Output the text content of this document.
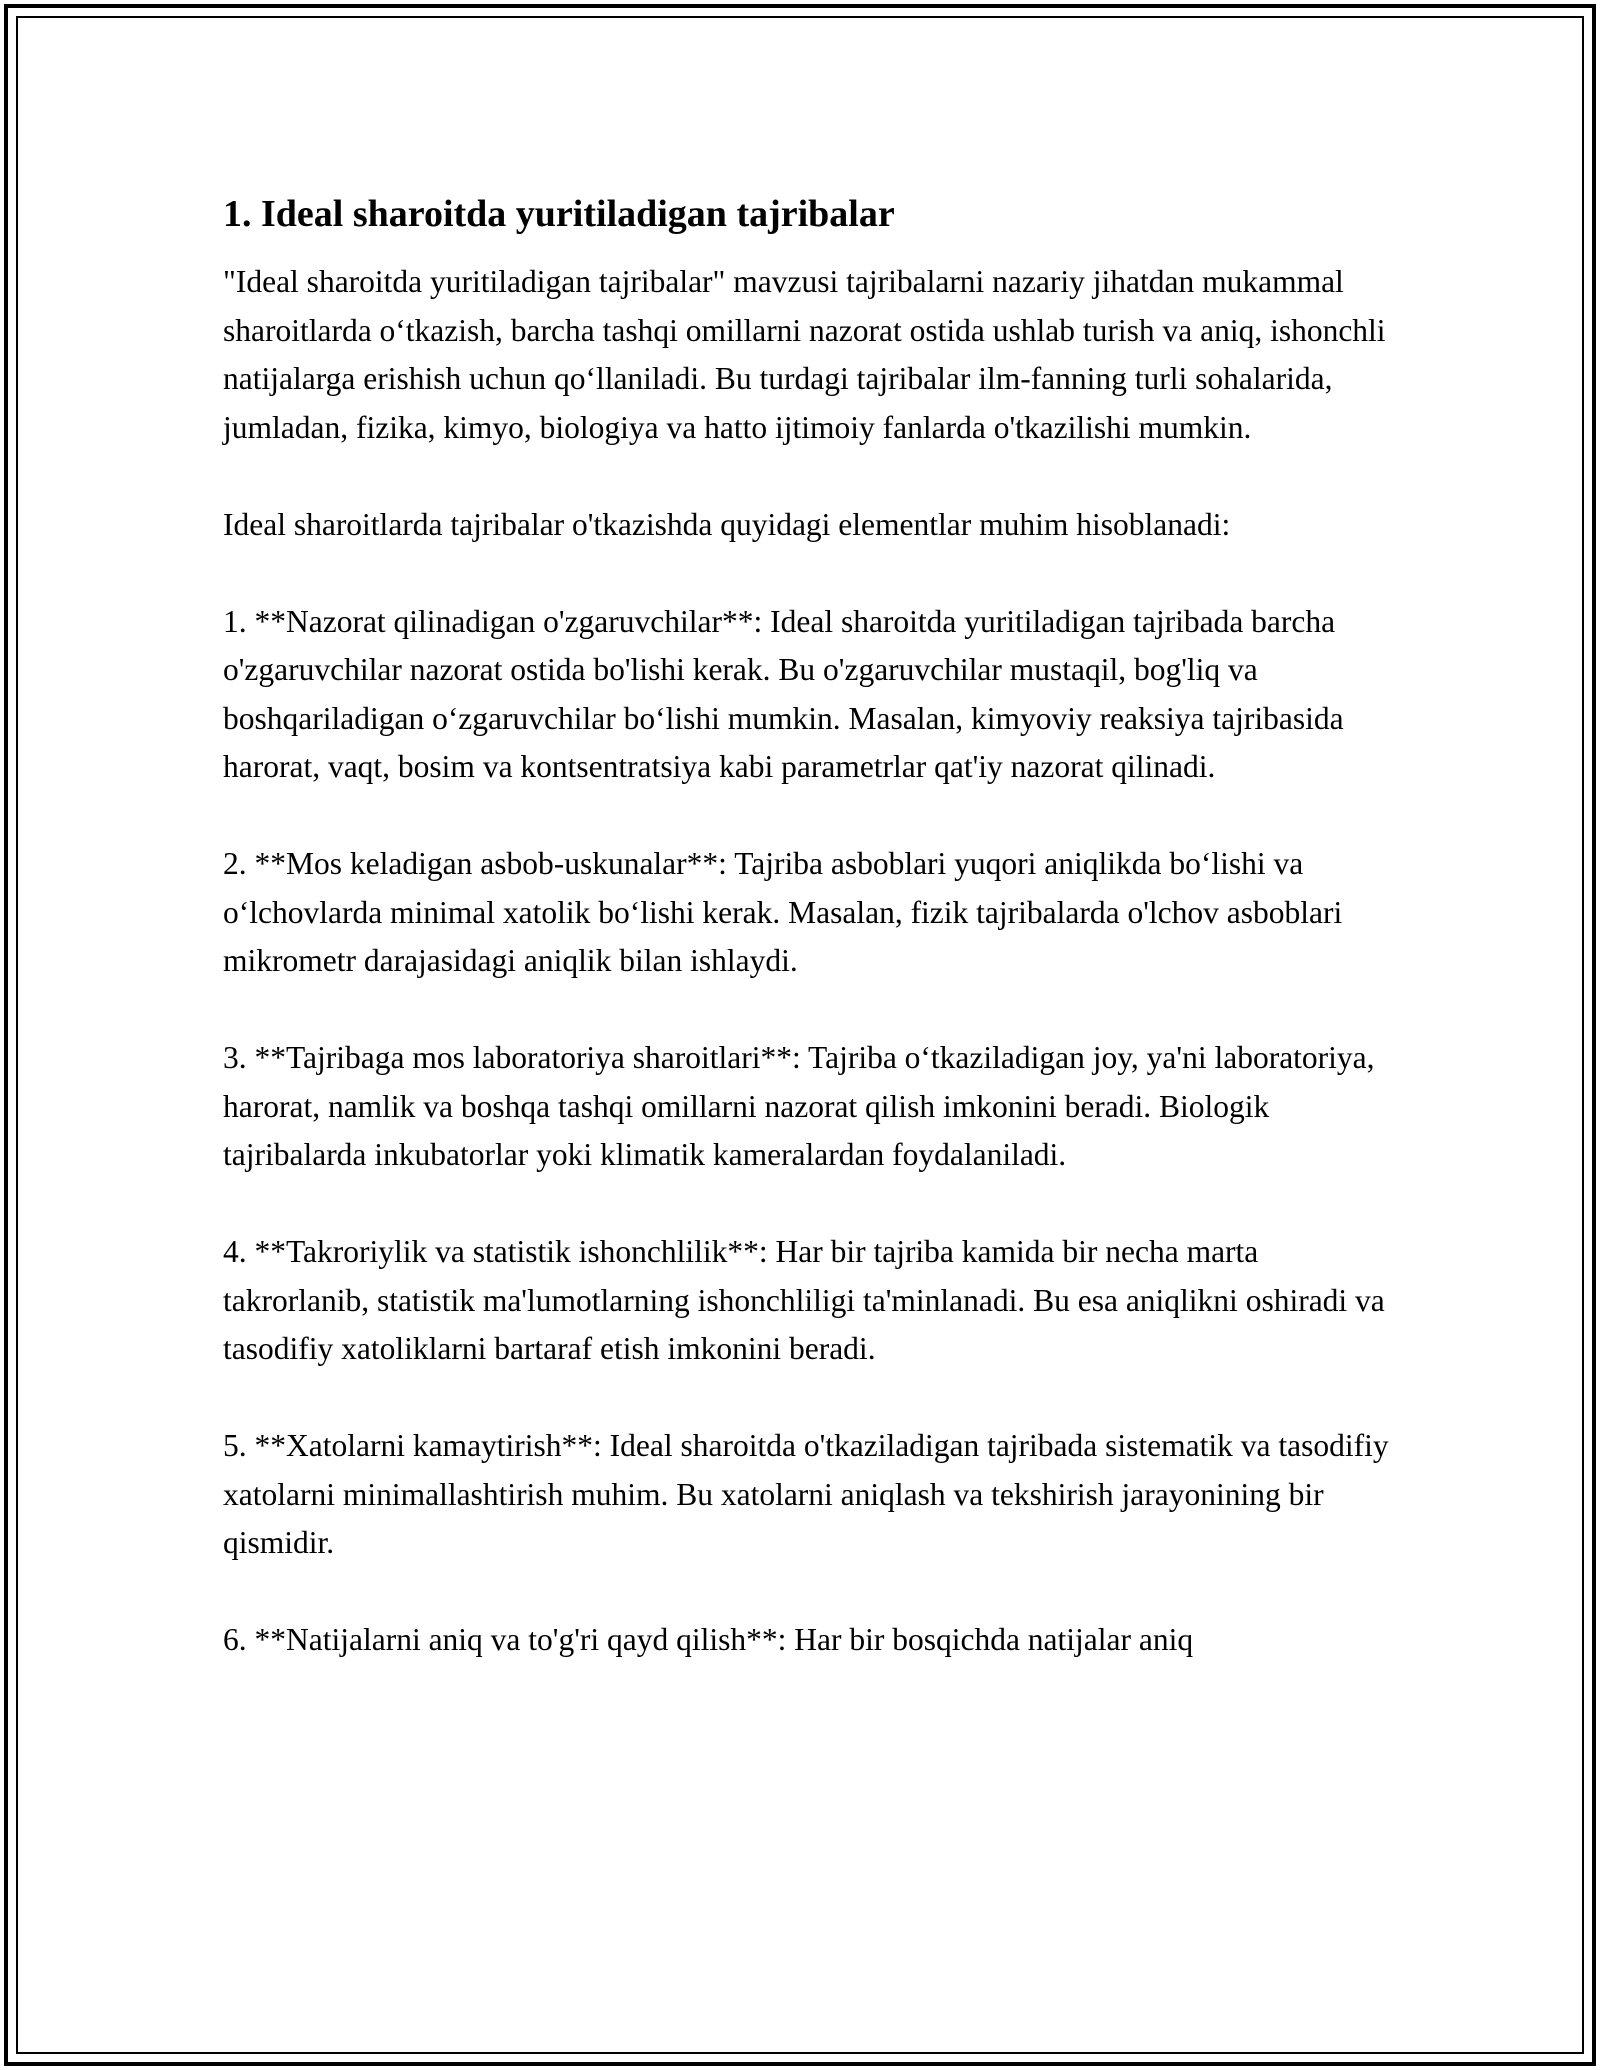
1. Ideal sharoitda yuritiladigan tajribalar

"Ideal sharoitda yuritiladigan tajribalar" mavzusi tajribalarni nazariy jihatdan mukammal sharoitlarda o‘tkazish, barcha tashqi omillarni nazorat ostida ushlab turish va aniq, ishonchli natijalarga erishish uchun qo‘llaniladi. Bu turdagi tajribalar ilm-fanning turli sohalarida, jumladan, fizika, kimyo, biologiya va hatto ijtimoiy fanlarda o'tkazilishi mumkin.

Ideal sharoitlarda tajribalar o'tkazishda quyidagi elementlar muhim hisoblanadi:

1. **Nazorat qilinadigan o'zgaruvchilar**: Ideal sharoitda yuritiladigan tajribada barcha o'zgaruvchilar nazorat ostida bo'lishi kerak. Bu o'zgaruvchilar mustaqil, bog'liq va boshqariladigan o‘zgaruvchilar bo‘lishi mumkin. Masalan, kimyoviy reaksiya tajribasida harorat, vaqt, bosim va kontsentratsiya kabi parametrlar qat'iy nazorat qilinadi.

2. **Mos keladigan asbob-uskunalar**: Tajriba asboblari yuqori aniqlikda bo‘lishi va o‘lchovlarda minimal xatolik bo‘lishi kerak. Masalan, fizik tajribalarda o'lchov asboblari mikrometr darajasidagi aniqlik bilan ishlaydi.

3. **Tajribaga mos laboratoriya sharoitlari**: Tajriba o‘tkaziladigan joy, ya'ni laboratoriya, harorat, namlik va boshqa tashqi omillarni nazorat qilish imkonini beradi. Biologik tajribalarda inkubatorlar yoki klimatik kameralardan foydalaniladi.

4. **Takroriylik va statistik ishonchlilik**: Har bir tajriba kamida bir necha marta takrorlanib, statistik ma'lumotlarning ishonchliligi ta'minlanadi. Bu esa aniqlikni oshiradi va tasodifiy xatoliklarni bartaraf etish imkonini beradi.

5. **Xatolarni kamaytirish**: Ideal sharoitda o'tkaziladigan tajribada sistematik va tasodifiy xatolarni minimallashtirish muhim. Bu xatolarni aniqlash va tekshirish jarayonining bir qismidir.

6. **Natijalarni aniq va to'g'ri qayd qilish**: Har bir bosqichda natijalar aniq
